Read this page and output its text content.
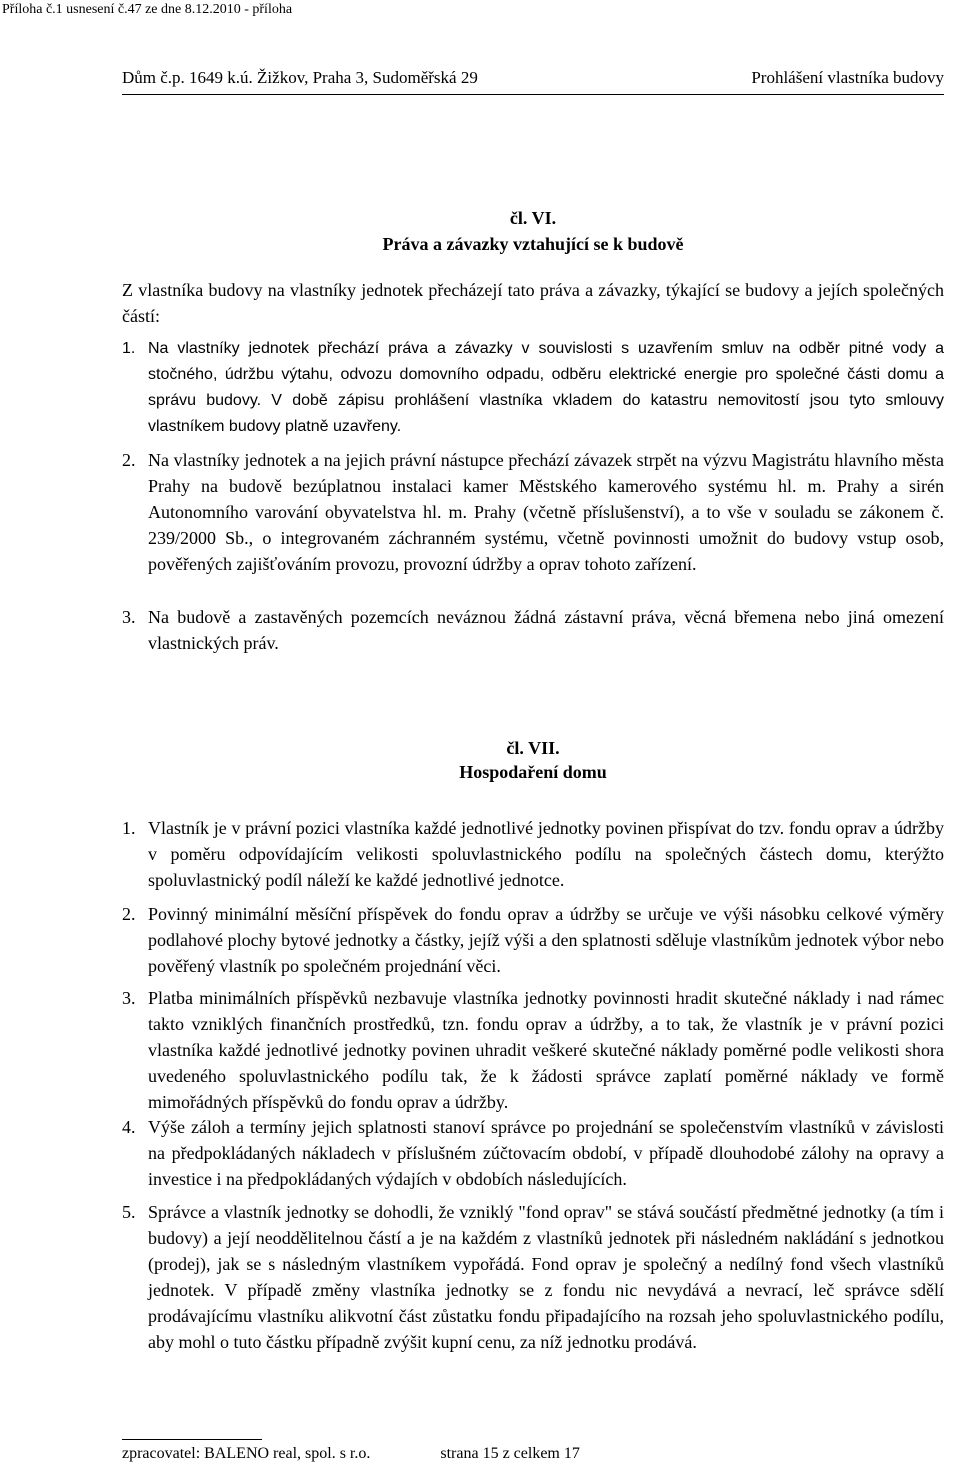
Příloha č.1 usnesení č.47 ze dne 8.12.2010 - příloha
Dům č.p. 1649 k.ú. Žižkov, Praha 3, Sudoměřská 29	Prohlášení vlastníka budovy
čl. VI.
Práva a závazky vztahující se k budově
Z vlastníka budovy na vlastníky jednotek přecházejí tato práva a závazky, týkající se budovy a jejích společných částí:
1. Na vlastníky jednotek přechází práva a závazky v souvislosti s uzavřením smluv na odběr pitné vody a stočného, údržbu výtahu, odvozu domovního odpadu, odběru elektrické energie pro společné části domu a správu budovy. V době zápisu prohlášení vlastníka vkladem do katastru nemovitostí jsou tyto smlouvy vlastníkem budovy platně uzavřeny.
2. Na vlastníky jednotek a na jejich právní nástupce přechází závazek strpět na výzvu Magistrátu hlavního města Prahy na budově bezúplatnou instalaci kamer Městského kamerového systému hl. m. Prahy a sirén Autonomního varování obyvatelstva hl. m. Prahy (včetně příslušenství), a to vše v souladu se zákonem č. 239/2000 Sb., o integrovaném záchranném systému, včetně povinnosti umožnit do budovy vstup osob, pověřených zajišťováním provozu, provozní údržby a oprav tohoto zařízení.
3. Na budově a zastavěných pozemcích neváznou žádná zástavní práva, věcná břemena nebo jiná omezení vlastnických práv.
čl. VII.
Hospodaření domu
1. Vlastník je v právní pozici vlastníka každé jednotlivé jednotky povinen přispívat do tzv. fondu oprav a údržby v poměru odpovídajícím velikosti spoluvlastnického podílu na společných částech domu, kterýžto spoluvlastnický podíl náleží ke každé jednotlivé jednotce.
2. Povinný minimální měsíční příspěvek do fondu oprav a údržby se určuje ve výši násobku celkové výměry podlahové plochy bytové jednotky a částky, jejíž výši a den splatnosti sděluje vlastníkům jednotek výbor nebo pověřený vlastník po společném projednání věci.
3. Platba minimálních příspěvků nezbavuje vlastníka jednotky povinnosti hradit skutečné náklady i nad rámec takto vzniklých finančních prostředků, tzn. fondu oprav a údržby, a to tak, že vlastník je v právní pozici vlastníka každé jednotlivé jednotky povinen uhradit veškeré skutečné náklady poměrné podle velikosti shora uvedeného spoluvlastnického podílu tak, že k žádosti správce zaplatí poměrné náklady ve formě mimořádných příspěvků do fondu oprav a údržby.
4. Výše záloh a termíny jejich splatnosti stanoví správce po projednání se společenstvím vlastníků v závislosti na předpokládaných nákladech v příslušném zúčtovacím období, v případě dlouhodobé zálohy na opravy a investice i na předpokládaných výdajích v obdobích následujících.
5. Správce a vlastník jednotky se dohodli, že vzniklý "fond oprav" se stává součástí předmětné jednotky (a tím i budovy) a její neoddělitelnou částí a je na každém z vlastníků jednotek při následném nakládání s jednotkou (prodej), jak se s následným vlastníkem vypořádá. Fond oprav je společný a nedílný fond všech vlastníků jednotek. V případě změny vlastníka jednotky se z fondu nic nevydává a nevrací, leč správce sdělí prodávajícímu vlastníku alikvotní část zůstatku fondu připadajícího na rozsah jeho spoluvlastnického podílu, aby mohl o tuto částku případně zvýšit kupní cenu, za níž jednotku prodává.
zpracovatel: BALENO real, spol. s r.o.	strana 15 z celkem 17
